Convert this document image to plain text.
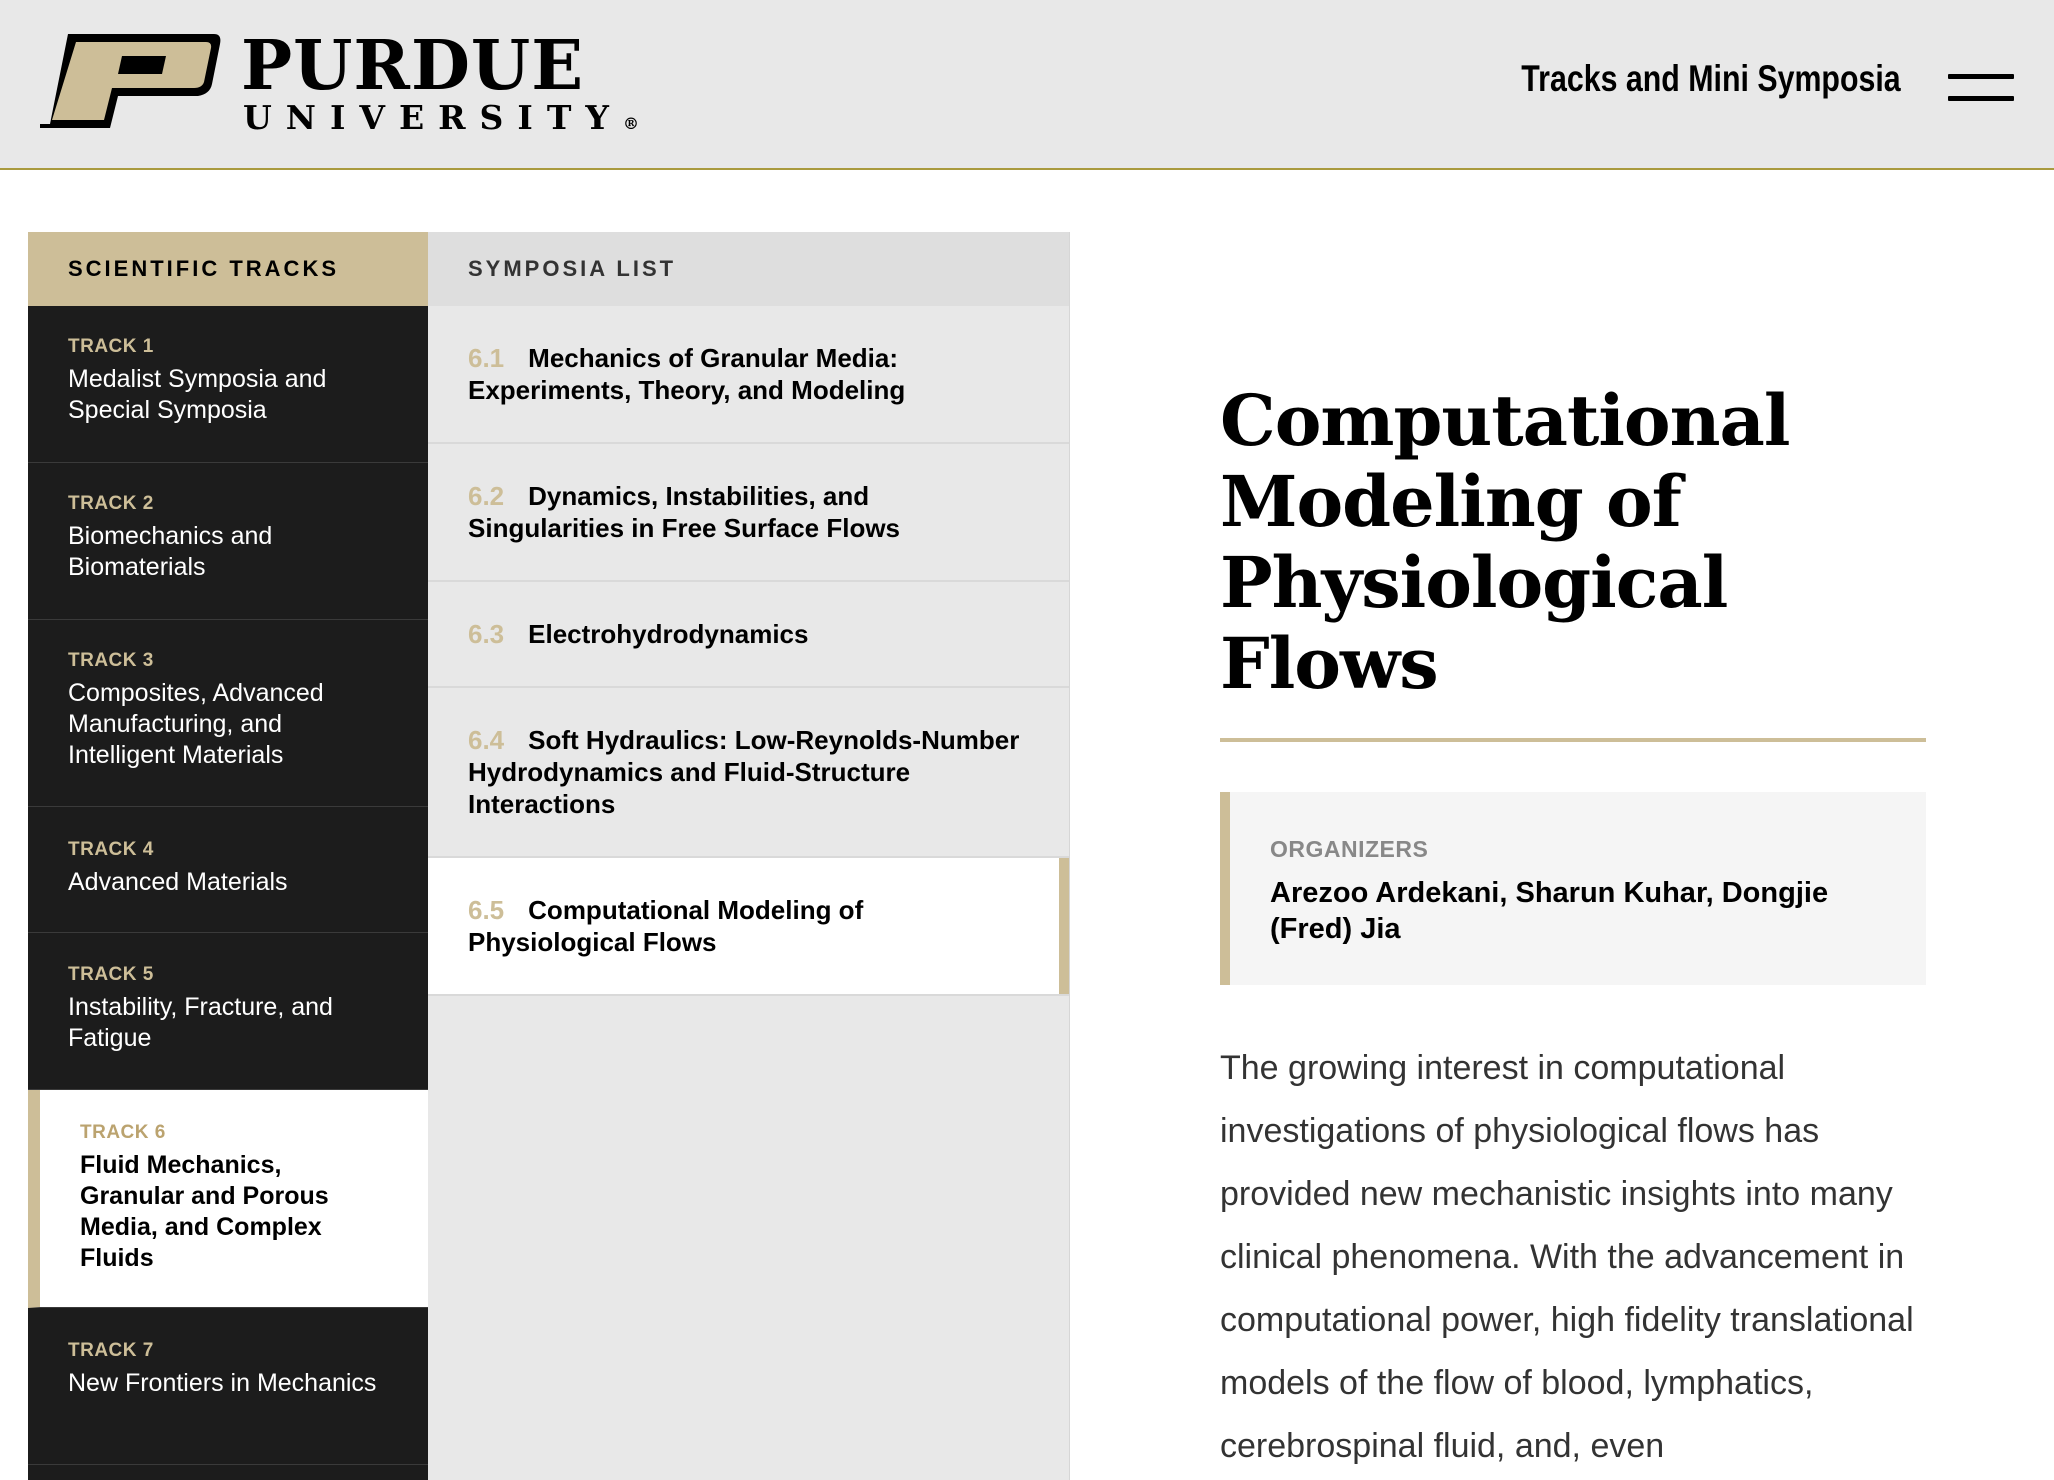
PURDUE
UNIVERSITY®
Tracks and Mini Symposia
SCIENTIFIC TRACKS
TRACK 1
Medalist Symposia and Special Symposia
TRACK 2
Biomechanics and Biomaterials
TRACK 3
Composites, Advanced Manufacturing, and Intelligent Materials
TRACK 4
Advanced Materials
TRACK 5
Instability, Fracture, and Fatigue
TRACK 6
Fluid Mechanics, Granular and Porous Media, and Complex Fluids
TRACK 7
New Frontiers in Mechanics
SYMPOSIA LIST
6.1 Mechanics of Granular Media: Experiments, Theory, and Modeling
6.2 Dynamics, Instabilities, and Singularities in Free Surface Flows
6.3 Electrohydrodynamics
6.4 Soft Hydraulics: Low-Reynolds-Number Hydrodynamics and Fluid-Structure Interactions
6.5 Computational Modeling of Physiological Flows
Computational Modeling of Physiological Flows
ORGANIZERS
Arezoo Ardekani, Sharun Kuhar, Dongjie (Fred) Jia

The growing interest in computational investigations of physiological flows has provided new mechanistic insights into many clinical phenomena. With the advancement in computational power, high fidelity translational models of the flow of blood, lymphatics, cerebrospinal fluid, and, even
